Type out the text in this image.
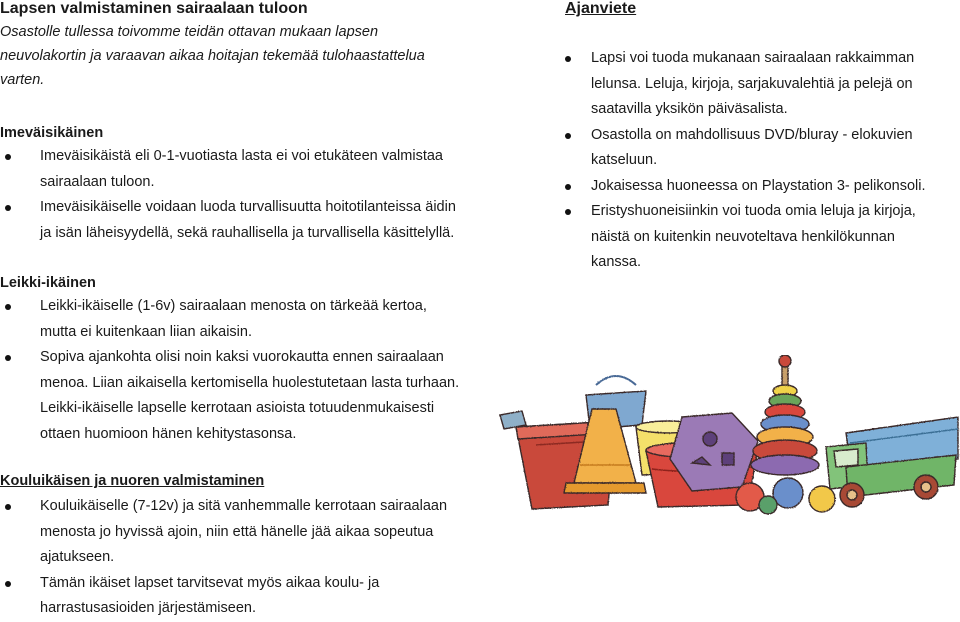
Lapsen valmistaminen sairaalaan tuloon

Osastolle tullessa toivomme teidän ottavan mukaan lapsen neuvolakortin ja varaavan aikaa hoitajan tekemää tulohaastattelua varten.

Imeväisikäinen
Imeväisikäistä eli 0-1-vuotiasta lasta ei voi etukäteen valmistaa sairaalaan tuloon.
Imeväisikäiselle voidaan luoda turvallisuutta hoitotilanteissa äidin ja isän läheisyydellä, sekä rauhallisella ja turvallisella käsittelyllä.
Leikki-ikäinen
Leikki-ikäiselle (1-6v) sairaalaan menosta on tärkeää kertoa, mutta ei kuitenkaan liian aikaisin.
Sopiva ajankohta olisi noin kaksi vuorokautta ennen sairaalaan menoa. Liian aikaisella kertomisella huolestutetaan lasta turhaan. Leikki-ikäiselle lapselle kerrotaan asioista totuudenmukaisesti ottaen huomioon hänen kehitystasonsa.
Kouluikäisen ja nuoren valmistaminen
Kouluikäiselle (7-12v) ja sitä vanhemmalle kerrotaan sairaalaan menosta jo hyvissä ajoin, niin että hänelle jää aikaa sopeutua ajatukseen.
Tämän ikäiset lapset tarvitsevat myös aikaa koulu- ja harrastusasioiden järjestämiseen.
Ajanviete
Lapsi voi tuoda mukanaan sairaalaan rakkaimman lelunsa. Leluja, kirjoja, sarjakuvalehtiä ja pelejä on saatavilla yksikön päiväsalista.
Osastolla on mahdollisuus DVD/bluray - elokuvien katseluun.
Jokaisessa huoneessa on Playstation 3- pelikonsoli.
Eristyshuoneisiinkin voi tuoda omia leluja ja kirjoja, näistä on kuitenkin neuvoteltava henkilökunnan kanssa.
